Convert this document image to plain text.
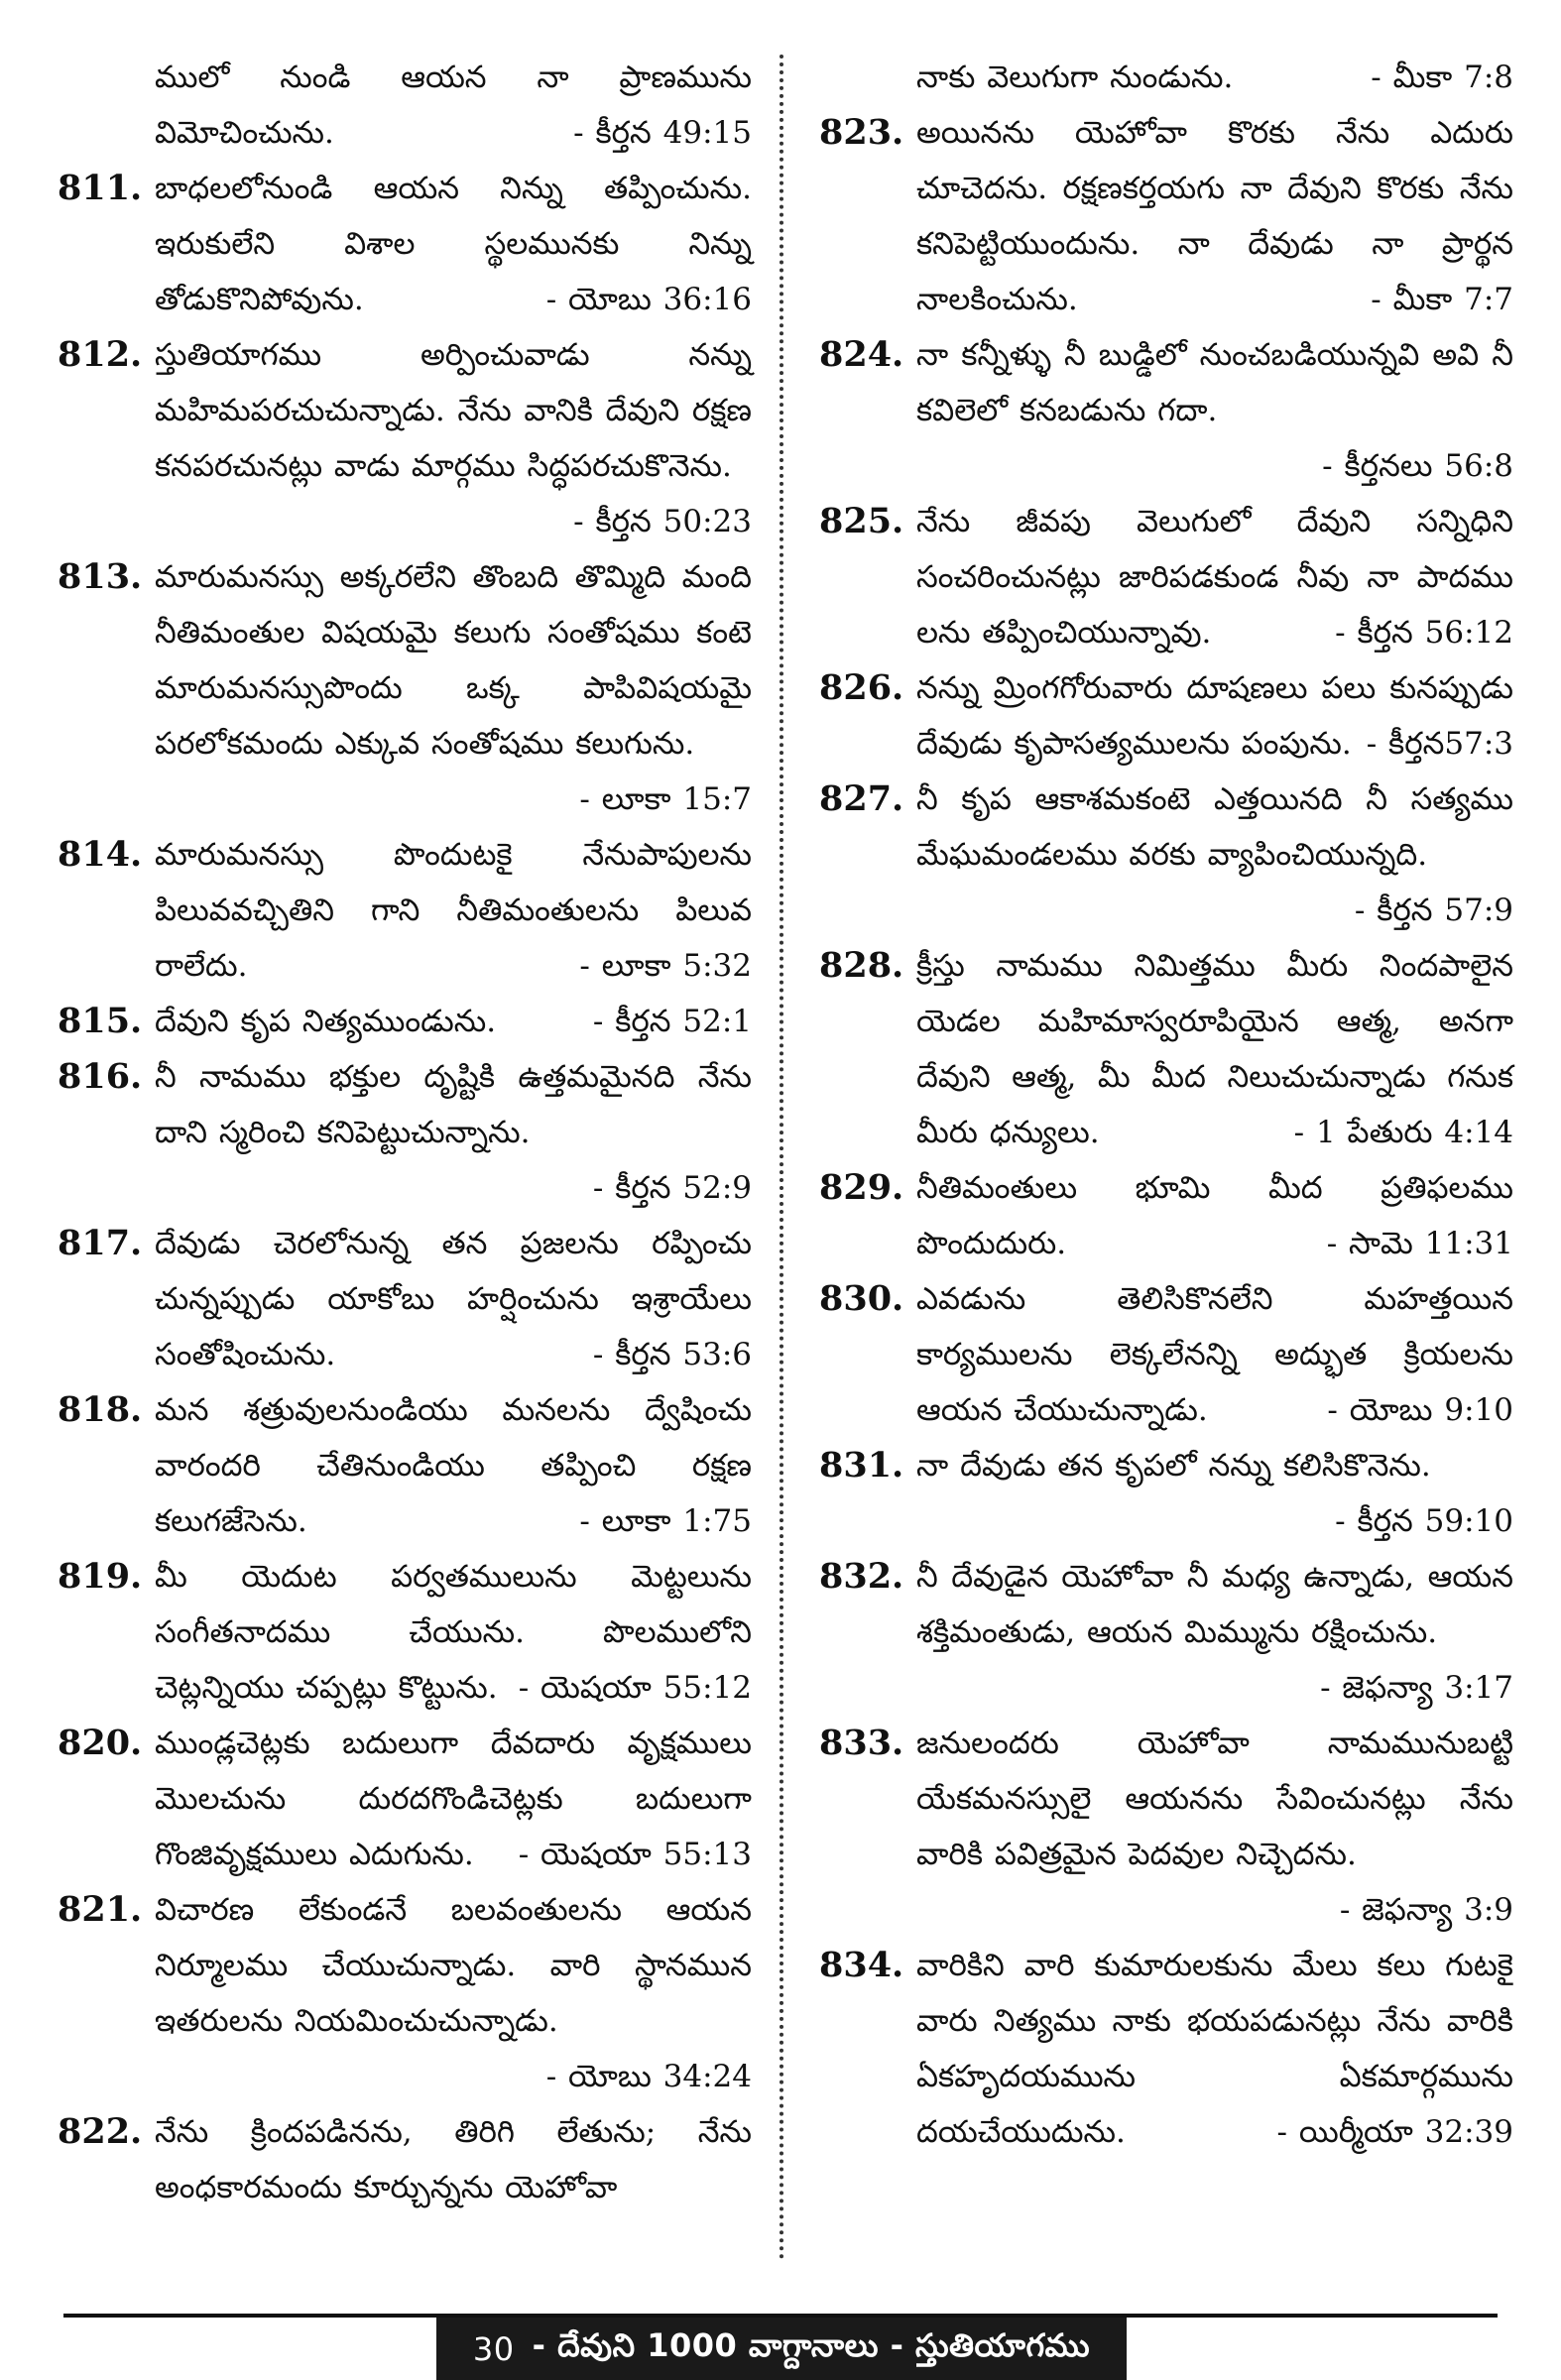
ములో నుండి ఆయన నా ప్రాణమును విమోచించును.	- కీర్తన 49:15
811. బాధలలోనుండి ఆయన నిన్ను తప్పించును. ఇరుకులేని విశాల స్థలమునకు నిన్ను తోడుకొనిపోవును.	- యోబు 36:16
812. స్తుతియాగము అర్పించువాడు నన్ను మహిమపరచుచున్నాడు. నేను వానికి దేవుని రక్షణ కనపరచునట్లు వాడు మార్గము సిద్ధపరచుకొనెను.
- కీర్తన 50:23
813. మారుమనస్సు అక్కరలేని తొంబది తొమ్మిది మంది నీతిమంతుల విషయమై కలుగు సంతోషము కంటె మారుమనస్సుపొందు ఒక్క పాపివిషయమై పరలోకమందు ఎక్కువ సంతోషము కలుగును.
- లూకా 15:7
814. మారుమనస్సు పొందుటకై నేనుపాపులను పిలువవచ్చితిని గాని నీతిమంతులను పిలువ రాలేదు.	- లూకా 5:32
815. దేవుని కృప నిత్యముండును.	- కీర్తన 52:1
816. నీ నామము భక్తుల దృష్టికి ఉత్తమమైనది నేను దాని స్మరించి కనిపెట్టుచున్నాను.
- కీర్తన 52:9
817. దేవుడు చెరలోనున్న తన ప్రజలను రప్పించు చున్నప్పుడు యాకోబు హర్షించును ఇశ్రాయేలు సంతోషించును.	- కీర్తన 53:6
818. మన శత్రువులనుండియు మనలను ద్వేషించు వారందరి చేతినుండియు తప్పించి రక్షణ కలుగజేసెను.	- లూకా 1:75
819. మీ యెదుట పర్వతములును మెట్టలును సంగీతనాదము చేయును. పొలములోని చెట్లన్నియు చప్పట్లు కొట్టును. - యెషయా 55:12
820. ముండ్లచెట్లకు బదులుగా దేవదారు వృక్షములు మొలచును దురదగొండిచెట్లకు బదులుగా గొంజివృక్షములు ఎదుగును. - యెషయా 55:13
821. విచారణ లేకుండనే బలవంతులను ఆయన నిర్మూలము చేయుచున్నాడు. వారి స్థానమున ఇతరులను నియమించుచున్నాడు.
- యోబు 34:24
822. నేను క్రిందపడినను, తిరిగి లేతును; నేను అంధకారమందు కూర్చున్నను యెహోవా
నాకు వెలుగుగా నుండును.	- మీకా 7:8
823. అయినను యెహోవా కొరకు నేను ఎదురు చూచెదను. రక్షణకర్తయగు నా దేవుని కొరకు నేను కనిపెట్టియుందును. నా దేవుడు నా ప్రార్థన నాలకించును.	- మీకా 7:7
824. నా కన్నీళ్ళు నీ బుడ్డిలో నుంచబడియున్నవి అవి నీ కవిలెలో కనబడును గదా.
- కీర్తనలు 56:8
825. నేను జీవపు వెలుగులో దేవుని సన్నిధిని సంచరించునట్లు జారిపడకుండ నీవు నా పాదము లను తప్పించియున్నావు.	- కీర్తన 56:12
826. నన్ను మ్రింగగోరువారు దూషణలు పలు కునప్పుడు దేవుడు కృపాసత్యములను పంపును. - కీర్తన57:3
827. నీ కృప ఆకాశమకంటె ఎత్తయినది నీ సత్యము మేఘమండలము వరకు వ్యాపించియున్నది.
- కీర్తన 57:9
828. క్రీస్తు నామము నిమిత్తము మీరు నిందపాలైన యెడల మహిమాస్వరూపియైన ఆత్మ, అనగా దేవుని ఆత్మ, మీ మీద నిలుచుచున్నాడు గనుక మీరు ధన్యులు.	- 1 పేతురు 4:14
829. నీతిమంతులు భూమి మీద ప్రతిఫలము పొందుదురు.	- సామె 11:31
830. ఎవడును తెలిసికొనలేని మహత్తయిన కార్యములను లెక్కలేనన్ని అద్భుత క్రియలను ఆయన చేయుచున్నాడు.	- యోబు 9:10
831. నా దేవుడు తన కృపలో నన్ను కలిసికొనెను.
- కీర్తన 59:10
832. నీ దేవుడైన యెహోవా నీ మధ్య ఉన్నాడు, ఆయన శక్తిమంతుడు, ఆయన మిమ్మును రక్షించును.
- జెఫన్యా 3:17
833. జనులందరు యెహోవా నామమునుబట్టి యేకమనస్సులై ఆయనను సేవించునట్లు నేను వారికి పవిత్రమైన పెదవుల నిచ్చెదను.
- జెఫన్యా 3:9
834. వారికిని వారి కుమారులకును మేలు కలు గుటకై వారు నిత్యము నాకు భయపడునట్లు నేను వారికి ఏకహృదయమును ఏకమార్గమును దయచేయుదును.	- యిర్మీయా 32:39
30 - దేవుని 1000 వాగ్దానాలు - స్తుతియాగము
